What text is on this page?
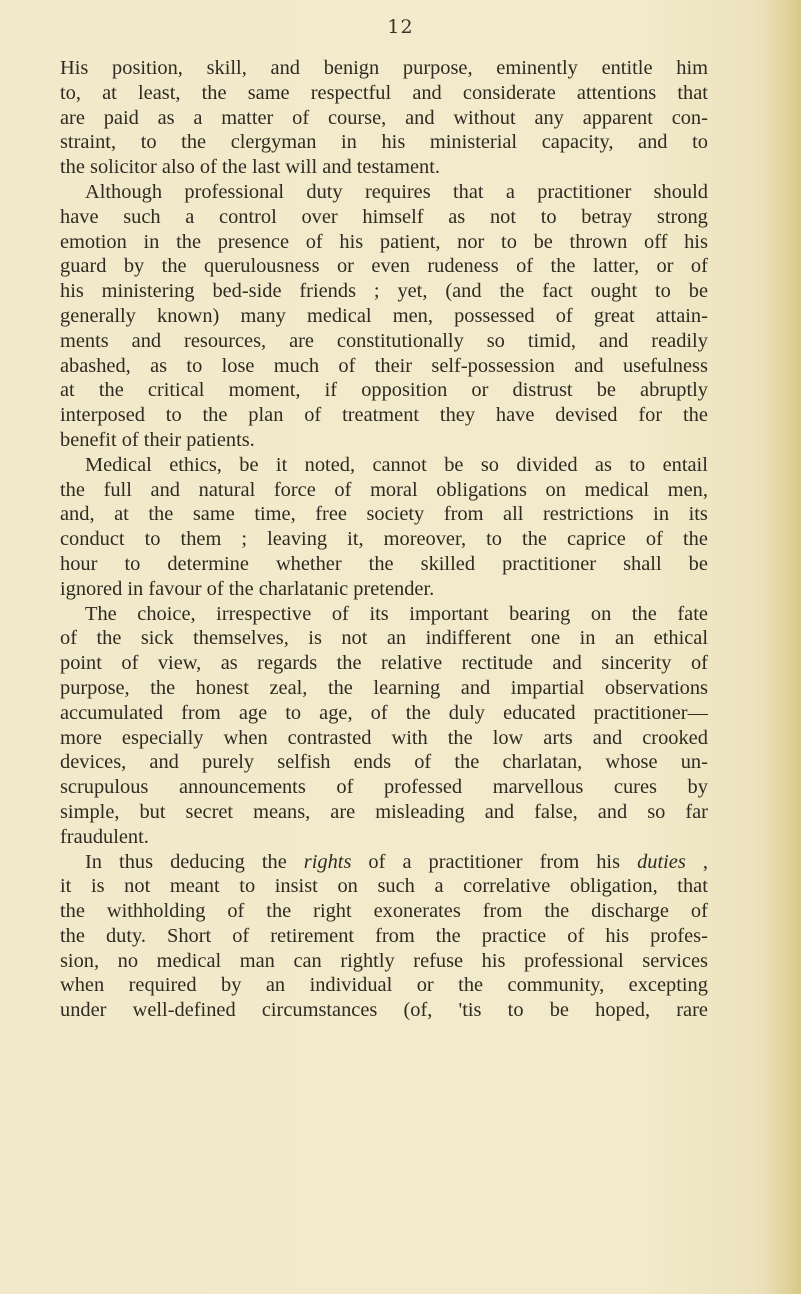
12
His position, skill, and benign purpose, eminently entitle him
to, at least, the same respectful and considerate attentions that
are paid as a matter of course, and without any apparent con-
straint, to the clergyman in his ministerial capacity, and to
the solicitor also of the last will and testament.
Although professional duty requires that a practitioner should
have such a control over himself as not to betray strong
emotion in the presence of his patient, nor to be thrown off his
guard by the querulousness or even rudeness of the latter, or of
his ministering bed-side friends ; yet, (and the fact ought to be
generally known) many medical men, possessed of great attain-
ments and resources, are constitutionally so timid, and readily
abashed, as to lose much of their self-possession and usefulness
at the critical moment, if opposition or distrust be abruptly
interposed to the plan of treatment they have devised for the
benefit of their patients.
Medical ethics, be it noted, cannot be so divided as to entail
the full and natural force of moral obligations on medical men,
and, at the same time, free society from all restrictions in its
conduct to them ; leaving it, moreover, to the caprice of the
hour to determine whether the skilled practitioner shall be
ignored in favour of the charlatanic pretender.
The choice, irrespective of its important bearing on the fate
of the sick themselves, is not an indifferent one in an ethical
point of view, as regards the relative rectitude and sincerity of
purpose, the honest zeal, the learning and impartial observations
accumulated from age to age, of the duly educated practitioner—
more especially when contrasted with the low arts and crooked
devices, and purely selfish ends of the charlatan, whose un-
scrupulous announcements of professed marvellous cures by
simple, but secret means, are misleading and false, and so far
fraudulent.
In thus deducing the rights of a practitioner from his duties ,
it is not meant to insist on such a correlative obligation, that
the withholding of the right exonerates from the discharge of
the duty. Short of retirement from the practice of his profes-
sion, no medical man can rightly refuse his professional services
when required by an individual or the community, excepting
under well-defined circumstances (of, 'tis to be hoped, rare
